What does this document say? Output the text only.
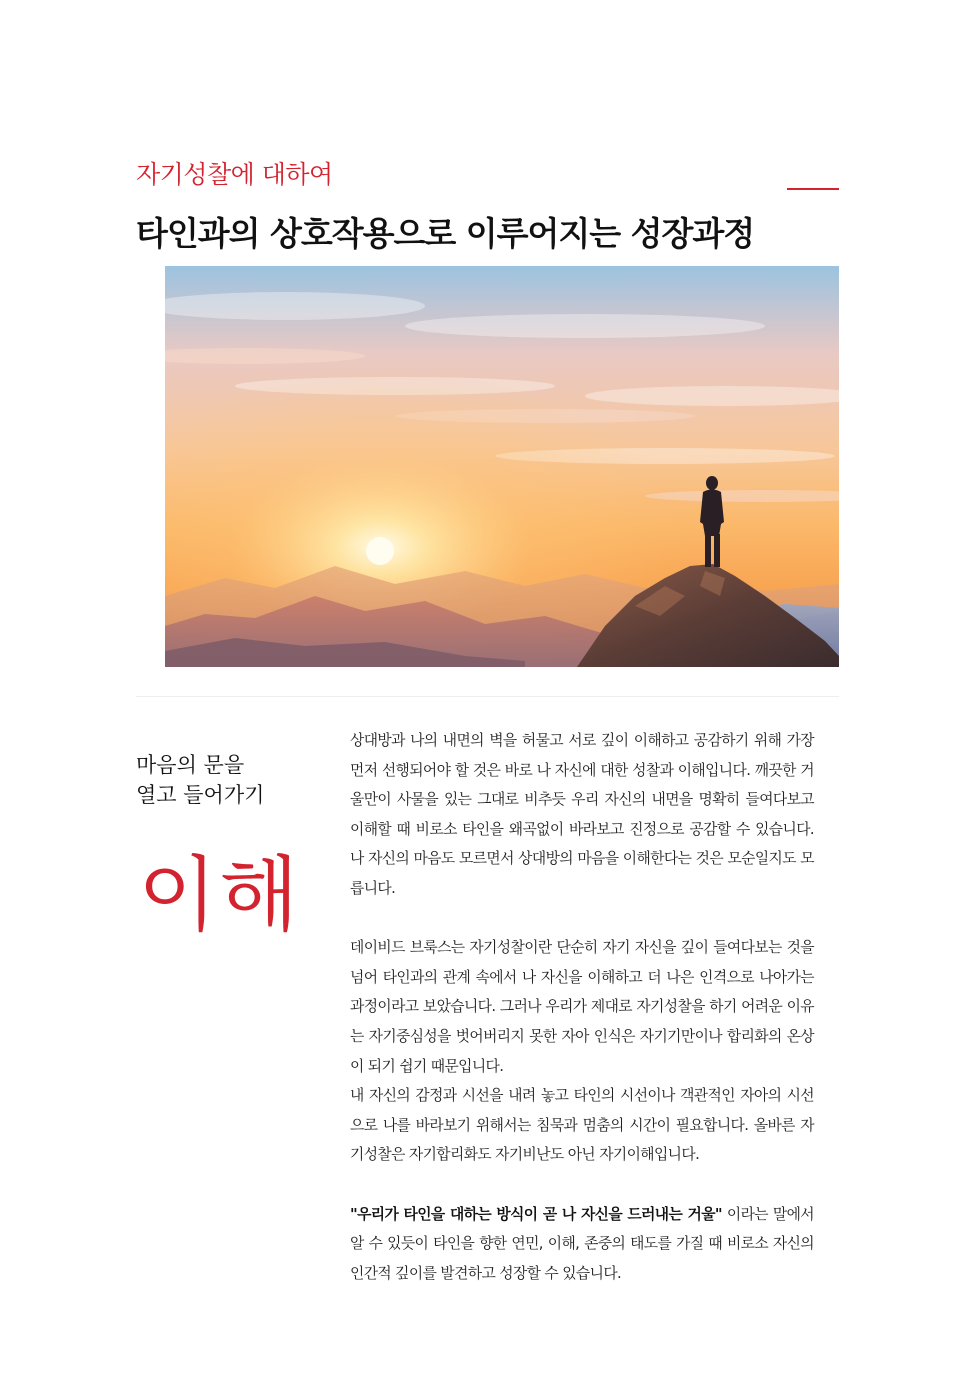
자기성찰에 대하여
타인과의 상호작용으로 이루어지는 성장과정
마음의 문을
열고 들어가기
이해

상대방과 나의 내면의 벽을 허물고 서로 깊이 이해하고 공감하기 위해 가장 먼저 선행되어야 할 것은 바로 나 자신에 대한 성찰과 이해입니다. 깨끗한 거울만이 사물을 있는 그대로 비추듯 우리 자신의 내면을 명확히 들여다보고 이해할 때 비로소 타인을 왜곡없이 바라보고 진정으로 공감할 수 있습니다. 나 자신의 마음도 모르면서 상대방의 마음을 이해한다는 것은 모순일지도 모릅니다.

데이비드 브룩스는 자기성찰이란 단순히 자기 자신을 깊이 들여다보는 것을 넘어 타인과의 관계 속에서 나 자신을 이해하고 더 나은 인격으로 나아가는 과정이라고 보았습니다. 그러나 우리가 제대로 자기성찰을 하기 어려운 이유는 자기중심성을 벗어버리지 못한 자아 인식은 자기기만이나 합리화의 온상이 되기 쉽기 때문입니다.

내 자신의 감정과 시선을 내려 놓고 타인의 시선이나 객관적인 자아의 시선으로 나를 바라보기 위해서는 침묵과 멈춤의 시간이 필요합니다. 올바른 자기성찰은 자기합리화도 자기비난도 아닌 자기이해입니다.

"우리가 타인을 대하는 방식이 곧 나 자신을 드러내는 거울" 이라는 말에서 알 수 있듯이 타인을 향한 연민, 이해, 존중의 태도를 가질 때 비로소 자신의 인간적 깊이를 발견하고 성장할 수 있습니다.
